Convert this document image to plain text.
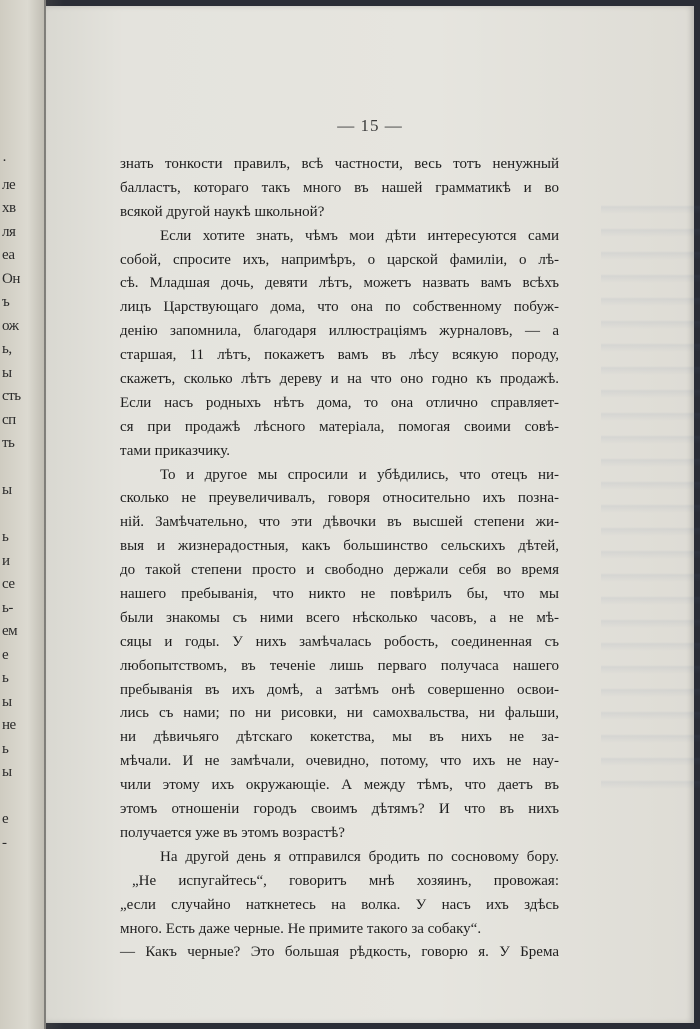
·
ле
хв
ля
еа
Он
ъ
ож
ь,
ы
сть
сп
ть
ы
ь
и
се
ь-
ем
е
ь
ы
не
ь
ы
е
-
— 15 —
знать тонкости правилъ, всѣ частности, весь тотъ ненужный
балластъ, котораго такъ много въ нашей грамматикѣ и во
всякой другой наукѣ школьной?
Если хотите знать, чѣмъ мои дѣти интересуются сами
собой, спросите ихъ, напримѣръ, о царской фамиліи, о лѣ-
сѣ. Младшая дочь, девяти лѣтъ, можетъ назвать вамъ всѣхъ
лицъ Царствующаго дома, что она по собственному побуж-
денію запомнила, благодаря иллюстраціямъ журналовъ, — а
старшая, 11 лѣтъ, покажетъ вамъ въ лѣсу всякую породу,
скажетъ, сколько лѣтъ дереву и на что оно годно къ продажѣ.
Если насъ родныхъ нѣтъ дома, то она отлично справляет-
ся при продажѣ лѣсного матеріала, помогая своими совѣ-
тами приказчику.
То и другое мы спросили и убѣдились, что отецъ ни-
сколько не преувеличивалъ, говоря относительно ихъ позна-
ній. Замѣчательно, что эти дѣвочки въ высшей степени жи-
выя и жизнерадостныя, какъ большинство сельскихъ дѣтей,
до такой степени просто и свободно держали себя во время
нашего пребыванія, что никто не повѣрилъ бы, что мы
были знакомы съ ними всего нѣсколько часовъ, а не мѣ-
сяцы и годы. У нихъ замѣчалась робость, соединенная съ
любопытствомъ, въ теченіе лишь перваго получаса нашего
пребыванія въ ихъ домѣ, а затѣмъ онѣ совершенно освои-
лись съ нами; по ни рисовки, ни самохвальства, ни фальши,
ни дѣвичьяго дѣтскаго кокетства, мы въ нихъ не за-
мѣчали. И не замѣчали, очевидно, потому, что ихъ не нау-
чили этому ихъ окружающіе. А между тѣмъ, что даетъ въ
этомъ отношеніи городъ своимъ дѣтямъ? И что въ нихъ
получается уже въ этомъ возрастѣ?
На другой день я отправился бродить по сосновому бору.
„Не испугайтесь“, говоритъ мнѣ хозяинъ, провожая:
„если случайно наткнетесь на волка. У насъ ихъ здѣсь
много. Есть даже черные. Не примите такого за собаку“.
— Какъ черные? Это большая рѣдкость, говорю я. У Брема
